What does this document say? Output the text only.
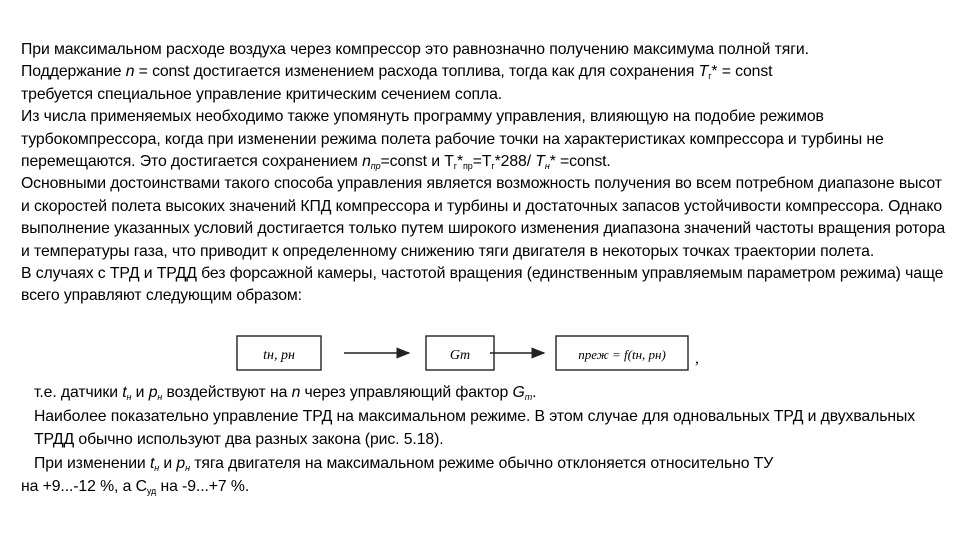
При максимальном расходе воздуха через компрессор это равнозначно получению максимума полной тяги.

Поддержание n = const достигается изменением расхода топлива, тогда как для сохранения $T_г*$ = const

требуется специальное управление критическим сечением сопла.

Из числа применяемых необходимо также упомянуть программу управления, влияющую на подобие режимов турбокомпрессора, когда при изменении режима полета рабочие точки на характеристиках компрессора и турбины не перемещаются. Это достигается сохранением $n_{пр}=const$ и $T_г*_{пр}=T_г*288/$ $T_н*$ =const.

Основными достоинствами такого способа управления является возможность получения во всем потребном диапазоне высот и скоростей полета высоких значений КПД компрессора и турбины и достаточных запасов устойчивости компрессора. Однако выполнение указанных условий достигается только путем широкого изменения диапазона значений частоты вращения ротора и температуры газа, что приводит к определенному снижению тяги двигателя в некоторых точках траектории полета.

В случаях с ТРД и ТРДД без форсажной камеры, частотой вращения (единственным управляемым параметром режима) чаще всего управляют следующим образом:

tн, pн	Gт	nреж = f(tн, pн) ,

т.е. датчики $t_н$ и $p_н$ воздействуют на n через управляющий фактор $G_т$.

Наиболее показательно управление ТРД на максимальном режиме. В этом случае для одновальных ТРД и двухвальных ТРДД обычно используют два разных закона (рис. 5.18).

При изменении $t_н$ и $p_н$ тяга двигателя на максимальном режиме обычно отклоняется относительно ТУ

на +9...-12 %, а $С_{уд}$ на -9...+7 %.
